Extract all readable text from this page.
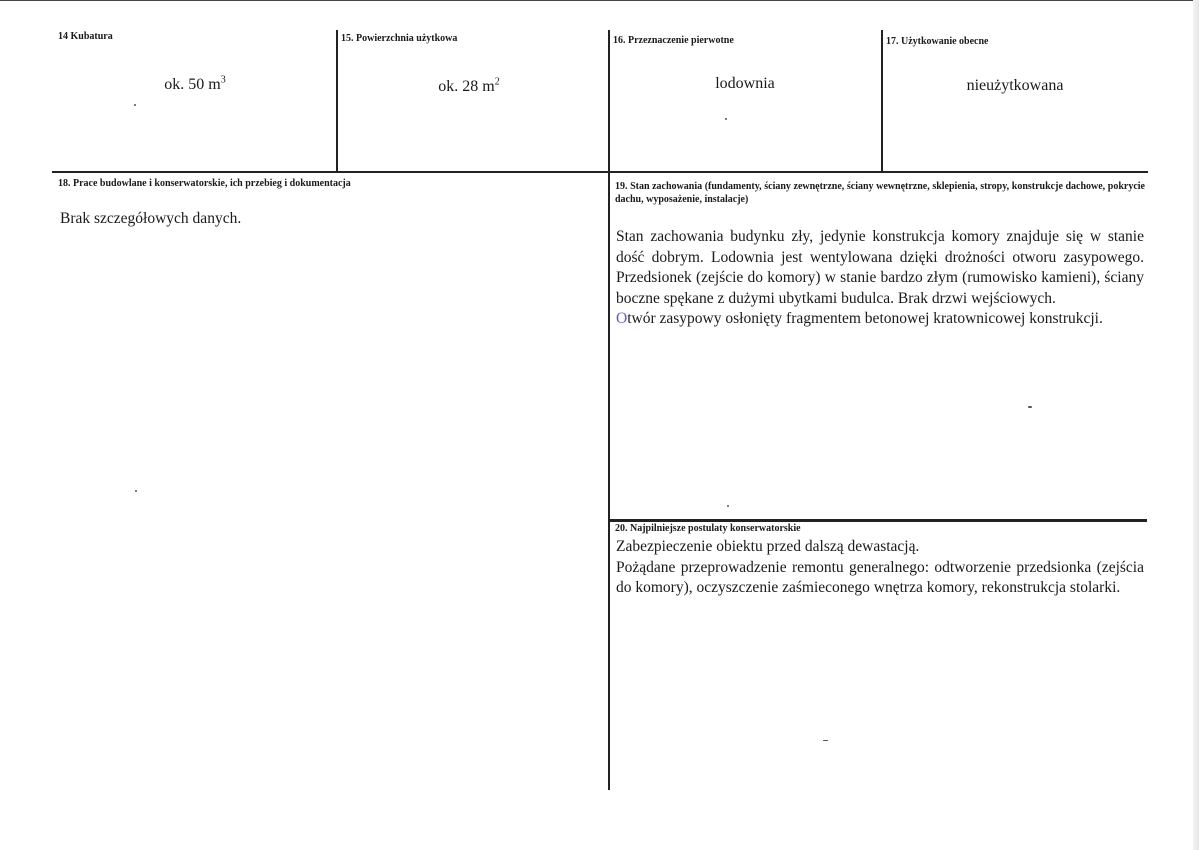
14 Kubatura
ok. 50 $m^3$
15. Powierzchnia użytkowa
ok. 28 $m^2$
16. Przeznaczenie pierwotne
lodownia
17. Użytkowanie obecne
nieużytkowana
18. Prace budowlane i konserwatorskie, ich przebieg i dokumentacja
Brak szczegółowych danych.
19. Stan zachowania (fundamenty, ściany zewnętrzne, ściany wewnętrzne, sklepienia, stropy, konstrukcje dachowe, pokrycie dachu, wyposażenie, instalacje)

Stan zachowania budynku zły, jedynie konstrukcja komory znajduje się w stanie dość dobrym. Lodownia jest wentylowana dzięki drożności otworu zasypowego. Przedsionek (zejście do komory) w stanie bardzo złym (rumowisko kamieni), ściany boczne spękane z dużymi ubytkami budulca. Brak drzwi wejściowych.

Otwór zasypowy osłonięty fragmentem betonowej kratownicowej konstrukcji.

20. Najpilniejsze postulaty konserwatorskie

Zabezpieczenie obiektu przed dalszą dewastacją.

Pożądane przeprowadzenie remontu generalnego: odtworzenie przedsionka (zejścia do komory), oczyszczenie zaśmieconego wnętrza komory, rekonstrukcja stolarki.
